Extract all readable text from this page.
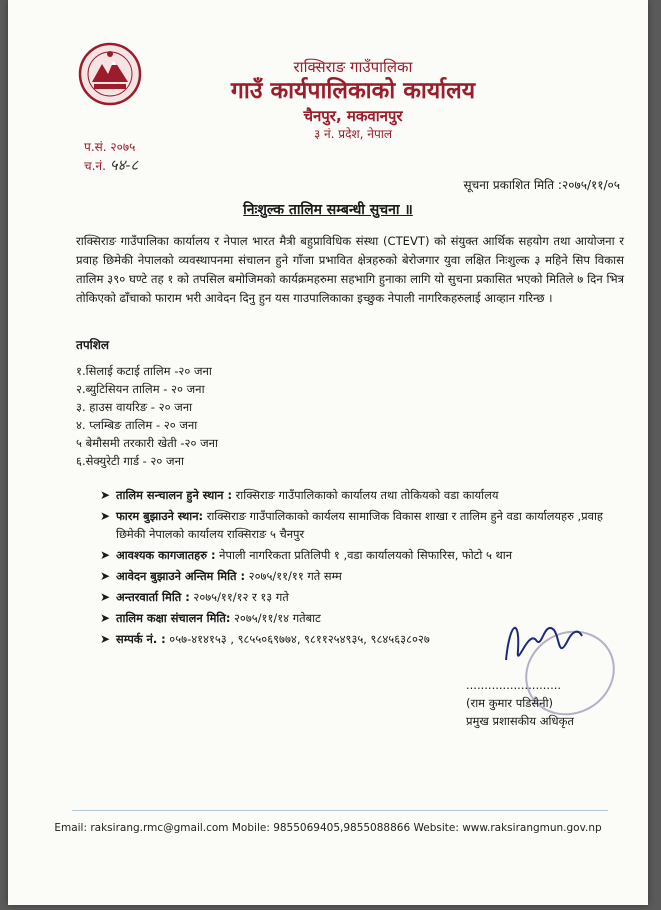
राक्सिराङ गाउँपालिका
गाउँ कार्यपालिकाको कार्यालय
चैनपुर, मकवानपुर
३ नं. प्रदेश, नेपाल
प.सं. २०७५
च.नं. ५४-८
सूचना प्रकाशित मिति :२०७५/११/०५
निःशुल्क तालिम सम्बन्धी सुचना ॥
राक्सिराङ गाउँपालिका कार्यालय र नेपाल भारत मैत्री बहुप्राविधिक संस्था (CTEVT) को संयुक्त आर्थिक सहयोग तथा आयोजना र प्रवाह छिमेकी नेपालको व्यवस्थापनमा संचालन हुने गाँजा प्रभावित क्षेत्रहरुको बेरोजगार युवा लक्षित निःशुल्क ३ महिने सिप विकास तालिम ३९० घण्टे तह १ को तपसिल बमोजिमको कार्यक्रमहरुमा सहभागि हुनाका लागि यो सुचना प्रकासित भएको मितिले ७ दिन भित्र तोकिएको ढाँचाको फाराम भरी आवेदन दिनु हुन यस गाउपालिकाका इच्छुक नेपाली नागरिकहरुलाई आव्हान गरिन्छ ।
तपशिल
१.सिलाई कटाई तालिम -२० जना
२.ब्युटिसियन तालिम - २० जना
३. हाउस वायरिङ - २० जना
४. प्लम्बिङ तालिम - २० जना
५ बेमौसमी तरकारी खेती -२० जना
६.सेक्युरेटी गार्ड - २० जना
➤ तालिम सन्चालन हुने स्थान : राक्सिराङ गाउँपालिकाको कार्यालय तथा तोकियको वडा कार्यालय
➤ फारम बुझाउने स्थान: राक्सिराङ गाउँपालिकाको कार्यलय सामाजिक विकास शाखा र तालिम हुने वडा कार्यालयहरु ,प्रवाह छिमेकी नेपालको कार्यालय राक्सिराङ ५ चैनपुर
➤ आवश्यक कागजातहरु : नेपाली नागरिकता प्रतिलिपी १ ,वडा कार्यालयको सिफारिस, फोटो ५ थान
➤ आवेदन बुझाउने अन्तिम मिति : २०७५/११/११ गते सम्म
➤ अन्तरवार्ता मिति : २०७५/११/१२ र १३ गते
➤ तालिम कक्षा संचालन मिति: २०७५/११/१४ गतेबाट
➤ सम्पर्क नं. : ०५७-४१४१५३ , ९८५५०६९७७४, ९८११२५४९३५, ९८४५६३८०२७
..........................
(राम कुमार पडिसैनी)
प्रमुख प्रशासकीय अधिकृत
Email: raksirang.rmc@gmail.com Mobile: 9855069405,9855088866 Website: www.raksirangmun.gov.np
